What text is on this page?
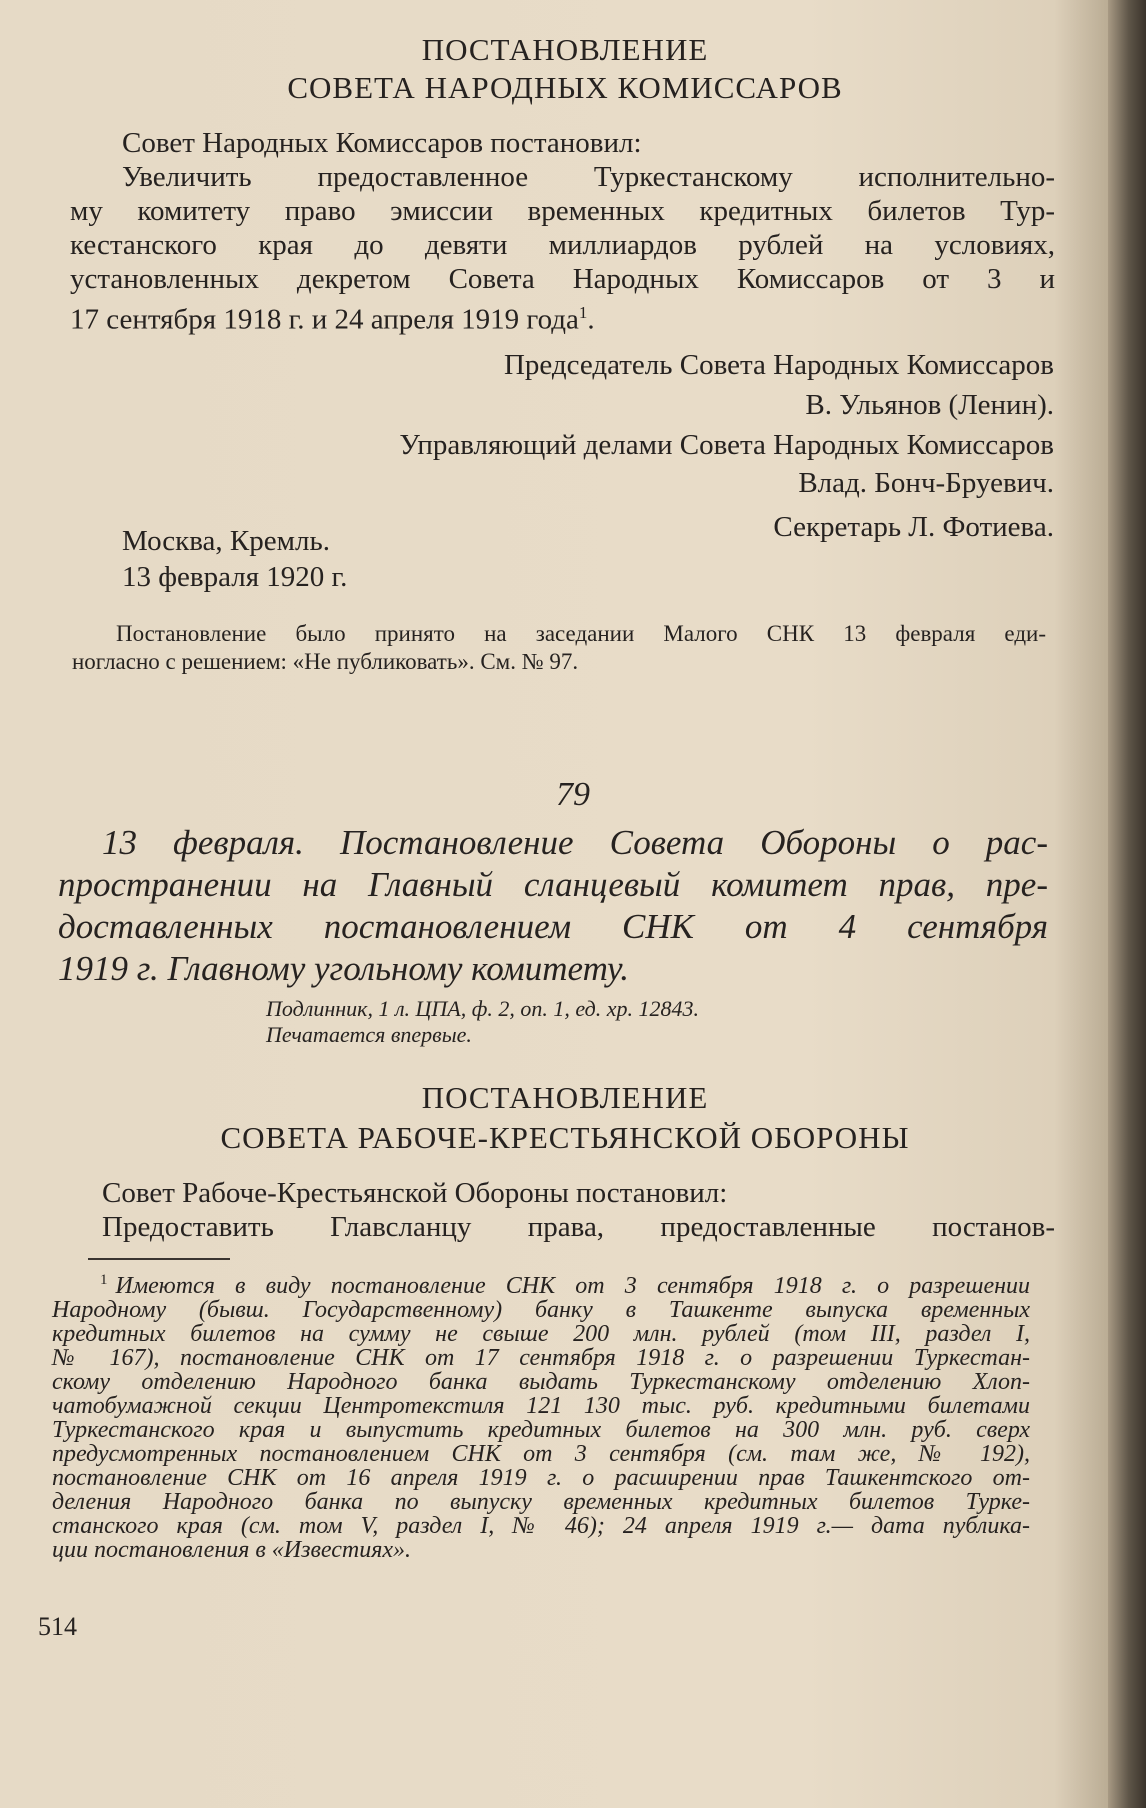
ПОСТАНОВЛЕНИЕ

СОВЕТА НАРОДНЫХ КОМИССАРОВ

Совет Народных Комиссаров постановил:
Увеличить предоставленное Туркестанскому исполнительно-
му комитету право эмиссии временных кредитных билетов Тур-
кестанского края до девяти миллиардов рублей на условиях,
установленных декретом Совета Народных Комиссаров от 3 и
17 сентября 1918 г. и 24 апреля 1919 года$^1$.

Председатель Совета Народных Комиссаров

В. Ульянов (Ленин).

Управляющий делами Совета Народных Комиссаров

Влад. Бонч-Бруевич.

Секретарь Л. Фотиева.

Москва, Кремль.

13 февраля 1920 г.

Постановление было принято на заседании Малого СНК 13 февраля еди-
ногласно с решением: «Не публиковать». См. № 97.

79

13 февраля. Постановление Совета Обороны о рас-
пространении на Главный сланцевый комитет прав, пре-
доставленных постановлением СНК от 4 сентября
1919 г. Главному угольному комитету.

Подлинник, 1 л. ЦПА, ф. 2, оп. 1, ед. хр. 12843.
Печатается впервые.

ПОСТАНОВЛЕНИЕ

СОВЕТА РАБОЧЕ-КРЕСТЬЯНСКОЙ ОБОРОНЫ

Совет Рабоче-Крестьянской Обороны постановил:
Предоставить Главсланцу права, предоставленные постанов-
$^1$ Имеются в виду постановление СНК от 3 сентября 1918 г. о разрешении
Народному (бывш. Государственному) банку в Ташкенте выпуска временных
кредитных билетов на сумму не свыше 200 млн. рублей (том III, раздел I,
№ 167), постановление СНК от 17 сентября 1918 г. о разрешении Туркестан-
скому отделению Народного банка выдать Туркестанскому отделению Хлоп-
чатобумажной секции Центротекстиля 121 130 тыс. руб. кредитными билетами
Туркестанского края и выпустить кредитных билетов на 300 млн. руб. сверх
предусмотренных постановлением СНК от 3 сентября (см. там же, № 192),
постановление СНК от 16 апреля 1919 г. о расширении прав Ташкентского от-
деления Народного банка по выпуску временных кредитных билетов Турке-
станского края (см. том V, раздел I, № 46); 24 апреля 1919 г.— дата публика-
ции постановления в «Известиях».

514
